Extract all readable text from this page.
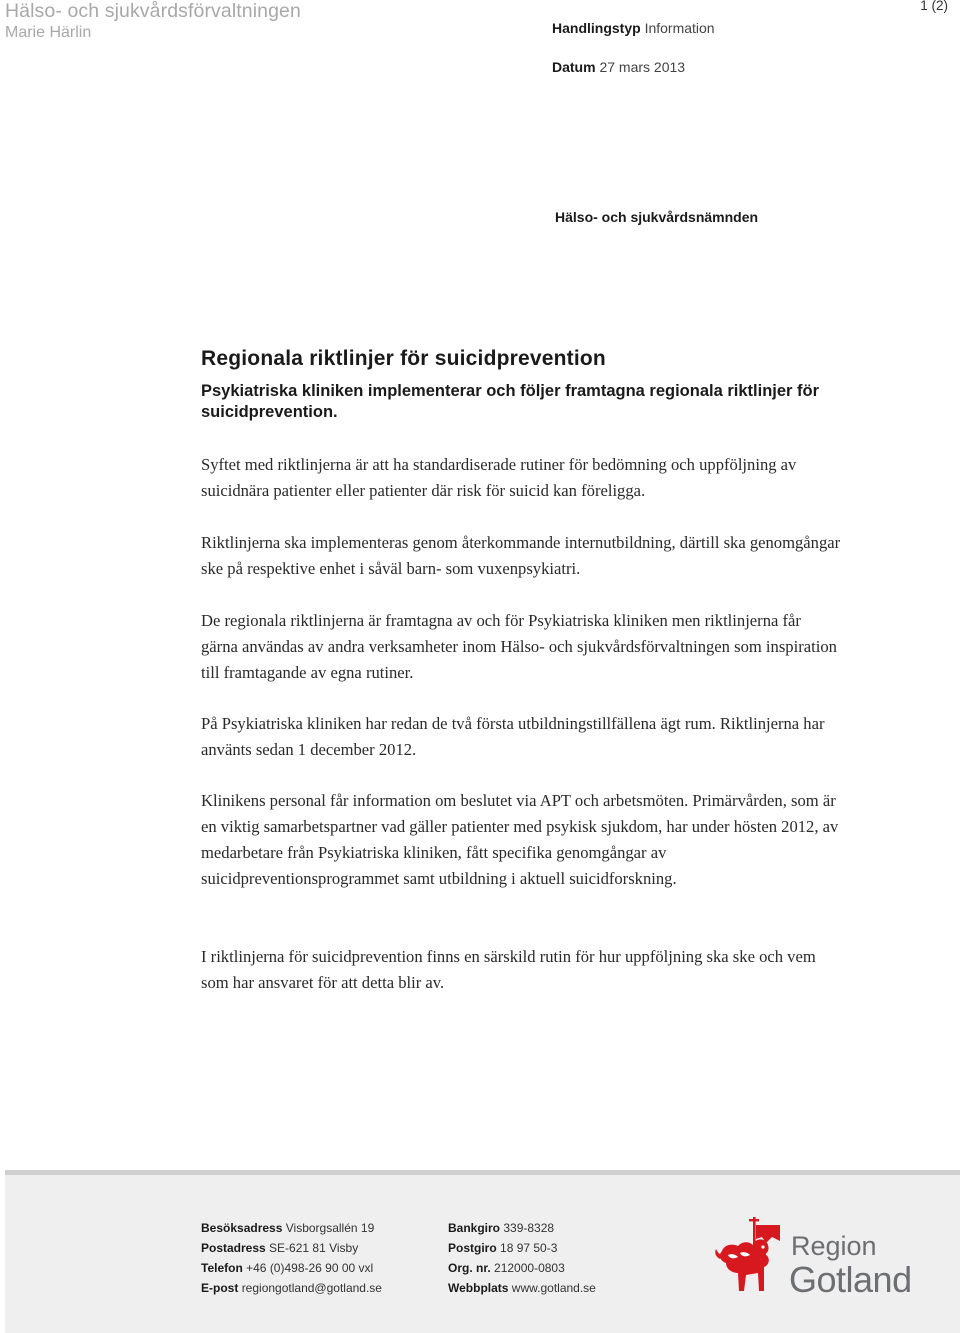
Hälso- och sjukvårdsförvaltningen
Marie Härlin
1 (2)
Handlingstyp Information
Datum 27 mars 2013
Hälso- och sjukvårdsnämnden
Regionala riktlinjer för suicidprevention
Psykiatriska kliniken implementerar och följer framtagna regionala riktlinjer för suicidprevention.

Syftet med riktlinjerna är att ha standardiserade rutiner för bedömning och uppföljning av suicidnära patienter eller patienter där risk för suicid kan föreligga.

Riktlinjerna ska implementeras genom återkommande internutbildning, därtill ska genomgångar ske på respektive enhet i såväl barn- som vuxenpsykiatri.

De regionala riktlinjerna är framtagna av och för Psykiatriska kliniken men riktlinjerna får gärna användas av andra verksamheter inom Hälso- och sjukvårdsförvaltningen som inspiration till framtagande av egna rutiner.

På Psykiatriska kliniken har redan de två första utbildningstillfällena ägt rum. Riktlinjerna har använts sedan 1 december 2012.

Klinikens personal får information om beslutet via APT och arbetsmöten. Primärvården, som är en viktig samarbetspartner vad gäller patienter med psykisk sjukdom, har under hösten 2012, av medarbetare från Psykiatriska kliniken, fått specifika genomgångar av suicidpreventionsprogrammet samt utbildning i aktuell suicidforskning.

I riktlinjerna för suicidprevention finns en särskild rutin för hur uppföljning ska ske och vem som har ansvaret för att detta blir av.

Besöksadress Visborgsallén 19
Postadress SE-621 81 Visby
Telefon +46 (0)498-26 90 00 vxl
E-post regiongotland@gotland.se
Bankgiro 339-8328
Postgiro 18 97 50-3
Org. nr. 212000-0803
Webbplats www.gotland.se
Region
Gotland
